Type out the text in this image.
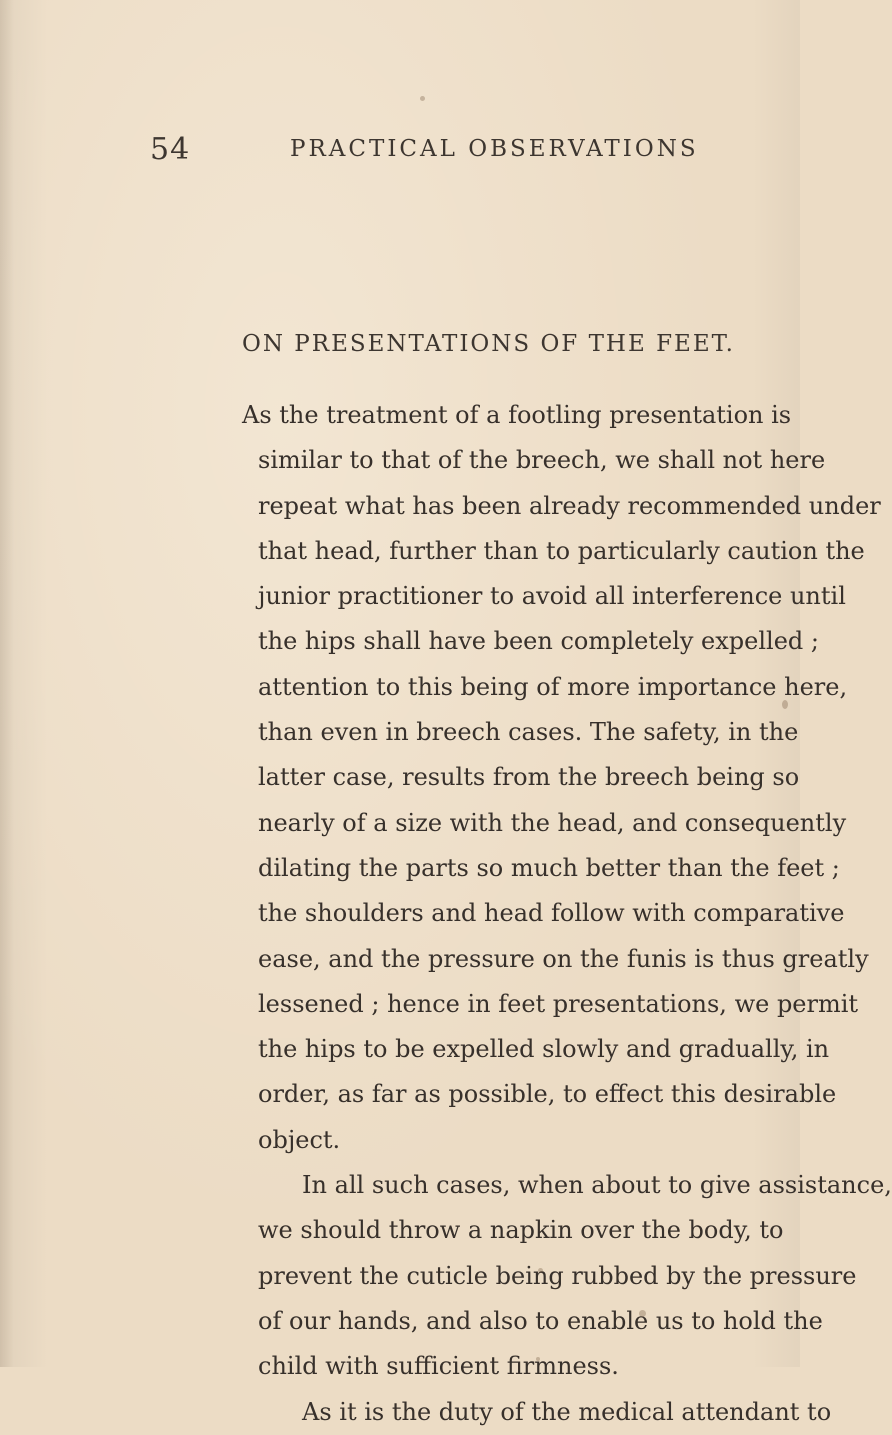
54	PRACTICAL OBSERVATIONS
ON PRESENTATIONS OF THE FEET.
As the treatment of a footling presentation is
similar to that of the breech, we shall not here
repeat what has been already recommended under
that head, further than to particularly caution the
junior practitioner to avoid all interference until
the hips shall have been completely expelled ;
attention to this being of more importance here,
than even in breech cases. The safety, in the
latter case, results from the breech being so
nearly of a size with the head, and consequently
dilating the parts so much better than the feet ;
the shoulders and head follow with comparative
ease, and the pressure on the funis is thus greatly
lessened ; hence in feet presentations, we permit
the hips to be expelled slowly and gradually, in
order, as far as possible, to effect this desirable
object.
In all such cases, when about to give assistance,
we should throw a napkin over the body, to
prevent the cuticle being rubbed by the pressure
of our hands, and also to enable us to hold the
child with sufficient firmness.
As it is the duty of the medical attendant to
